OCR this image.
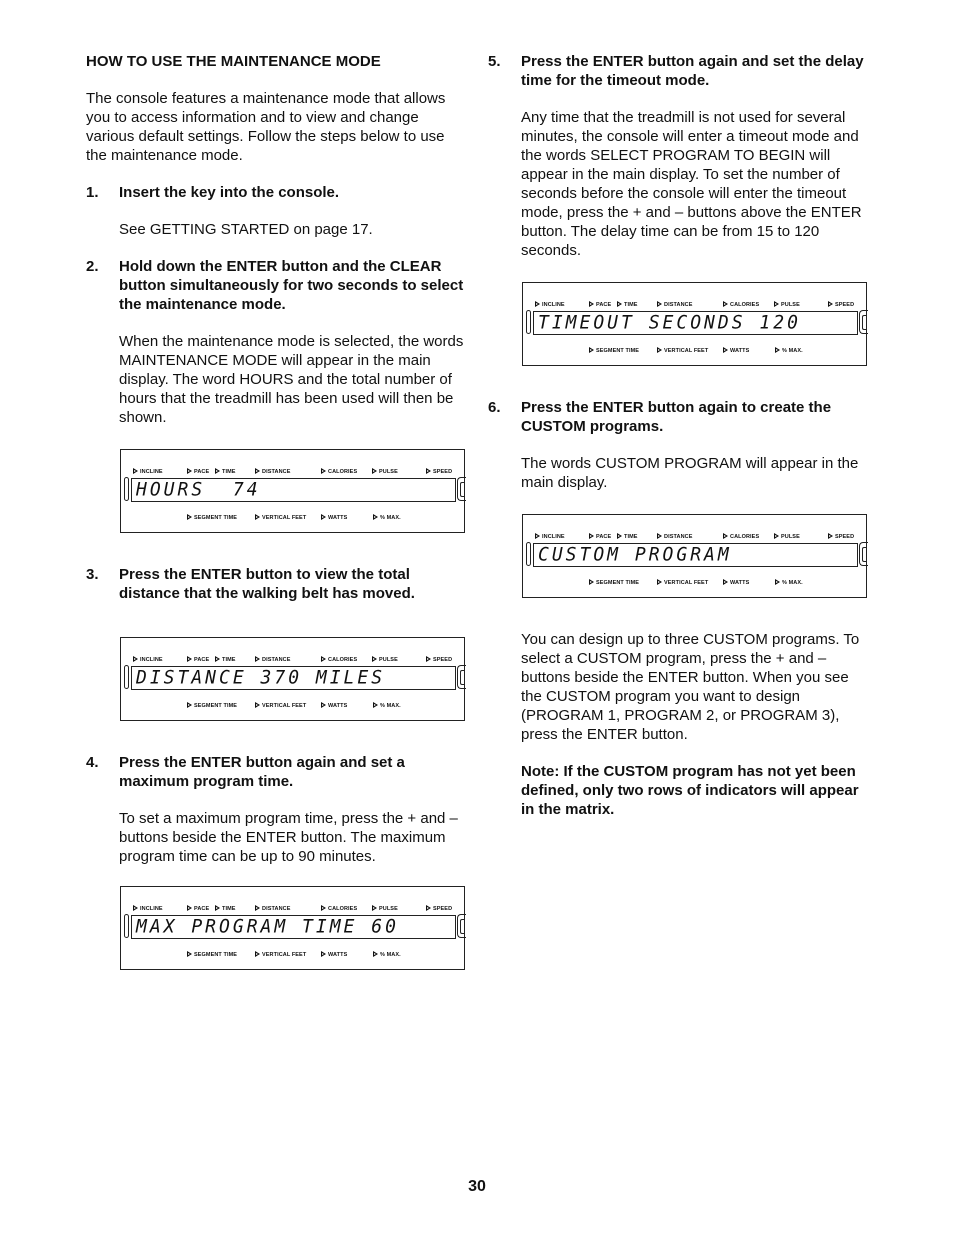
HOW TO USE THE MAINTENANCE MODE
The console features a maintenance mode that allows you to access information and to view and change various default settings. Follow the steps below to use the maintenance mode.
1. Insert the key into the console.
See GETTING STARTED on page 17.
2. Hold down the ENTER button and the CLEAR button simultaneously for two seconds to select the maintenance mode.
When the maintenance mode is selected, the words MAINTENANCE MODE will appear in the main display. The word HOURS and the total number of hours that the treadmill has been used will then be shown.
INCLINE	PACE	TIME	DISTANCE	CALORIES	PULSE	SPEED
HOURS  74
SEGMENT TIME	VERTICAL FEET	WATTS	% MAX.
3. Press the ENTER button to view the total distance that the walking belt has moved.
INCLINE	PACE	TIME	DISTANCE	CALORIES	PULSE	SPEED
DISTANCE 370 MILES
SEGMENT TIME	VERTICAL FEET	WATTS	% MAX.
4. Press the ENTER button again and set a maximum program time.
To set a maximum program time, press the + and – buttons beside the ENTER button. The maximum program time can be up to 90 minutes.
INCLINE	PACE	TIME	DISTANCE	CALORIES	PULSE	SPEED
MAX PROGRAM TIME 60
SEGMENT TIME	VERTICAL FEET	WATTS	% MAX.
5. Press the ENTER button again and set the delay time for the timeout mode.
Any time that the treadmill is not used for several minutes, the console will enter a timeout mode and the words SELECT PROGRAM TO BEGIN will appear in the main display. To set the number of seconds before the console will enter the timeout mode, press the + and – buttons above the ENTER button. The delay time can be from 15 to 120 seconds.
INCLINE	PACE	TIME	DISTANCE	CALORIES	PULSE	SPEED
TIMEOUT SECONDS 120
SEGMENT TIME	VERTICAL FEET	WATTS	% MAX.
6. Press the ENTER button again to create the CUSTOM programs.
The words CUSTOM PROGRAM will appear in the main display.
INCLINE	PACE	TIME	DISTANCE	CALORIES	PULSE	SPEED
CUSTOM PROGRAM
SEGMENT TIME	VERTICAL FEET	WATTS	% MAX.
You can design up to three CUSTOM programs. To select a CUSTOM program, press the + and – buttons beside the ENTER button. When you see the CUSTOM program you want to design (PROGRAM 1, PROGRAM 2, or PROGRAM 3), press the ENTER button.
Note: If the CUSTOM program has not yet been defined, only two rows of indicators will appear in the matrix.
30
